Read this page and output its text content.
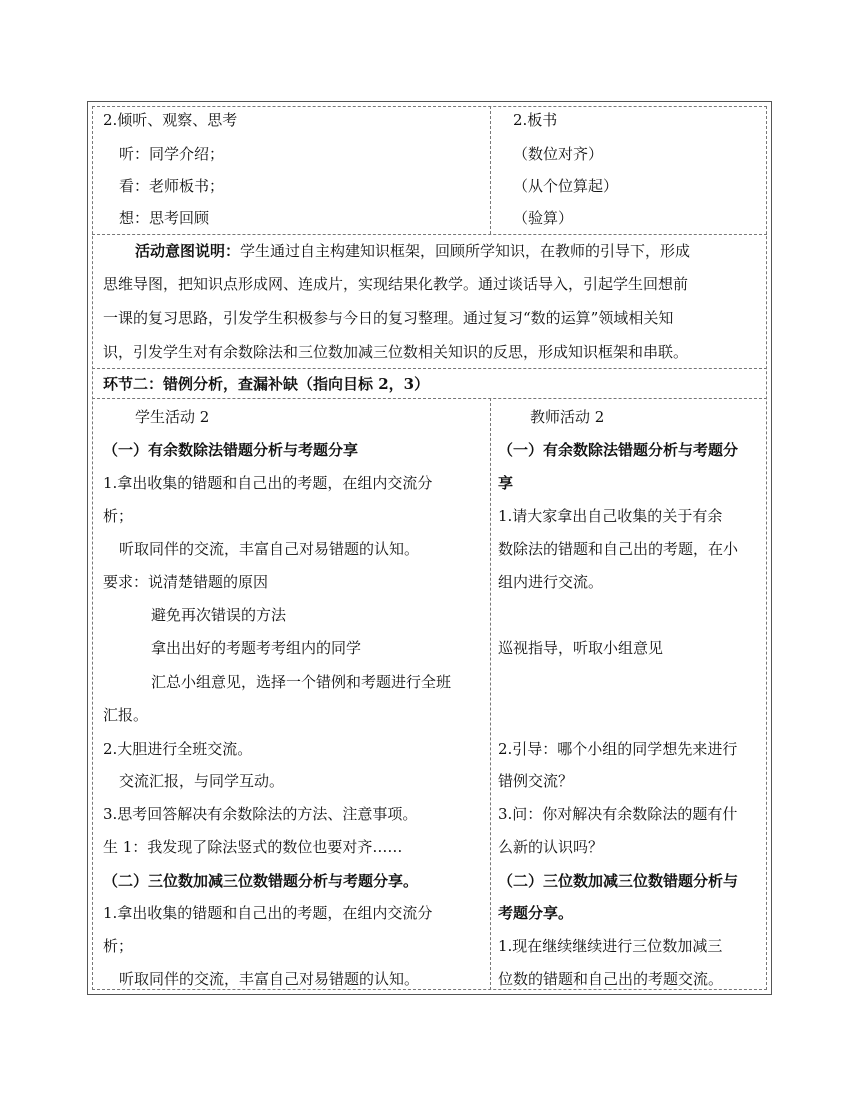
2.倾听、观察、思考
听：同学介绍；
看：老师板书；
想：思考回顾
2.板书
（数位对齐）
（从个位算起）
（验算）
活动意图说明：学生通过自主构建知识框架，回顾所学知识，在教师的引导下，形成
思维导图，把知识点形成网、连成片，实现结果化教学。通过谈话导入，引起学生回想前
一课的复习思路，引发学生积极参与今日的复习整理。通过复习“数的运算”领域相关知
识，引发学生对有余数除法和三位数加减三位数相关知识的反思，形成知识框架和串联。
环节二：错例分析，查漏补缺（指向目标 2，3）
学生活动 2
（一）有余数除法错题分析与考题分享
1.拿出收集的错题和自己出的考题，在组内交流分
析；
听取同伴的交流，丰富自己对易错题的认知。
要求：说清楚错题的原因
避免再次错误的方法
拿出出好的考题考考组内的同学
汇总小组意见，选择一个错例和考题进行全班
汇报。
2.大胆进行全班交流。
交流汇报，与同学互动。
3.思考回答解决有余数除法的方法、注意事项。
生 1：我发现了除法竖式的数位也要对齐……
（二）三位数加减三位数错题分析与考题分享。
1.拿出收集的错题和自己出的考题，在组内交流分
析；
听取同伴的交流，丰富自己对易错题的认知。
教师活动 2
（一）有余数除法错题分析与考题分
享
1.请大家拿出自己收集的关于有余
数除法的错题和自己出的考题，在小
组内进行交流。
巡视指导，听取小组意见
2.引导：哪个小组的同学想先来进行
错例交流？
3.问：你对解决有余数除法的题有什
么新的认识吗？
（二）三位数加减三位数错题分析与
考题分享。
1.现在继续继续进行三位数加减三
位数的错题和自己出的考题交流。
